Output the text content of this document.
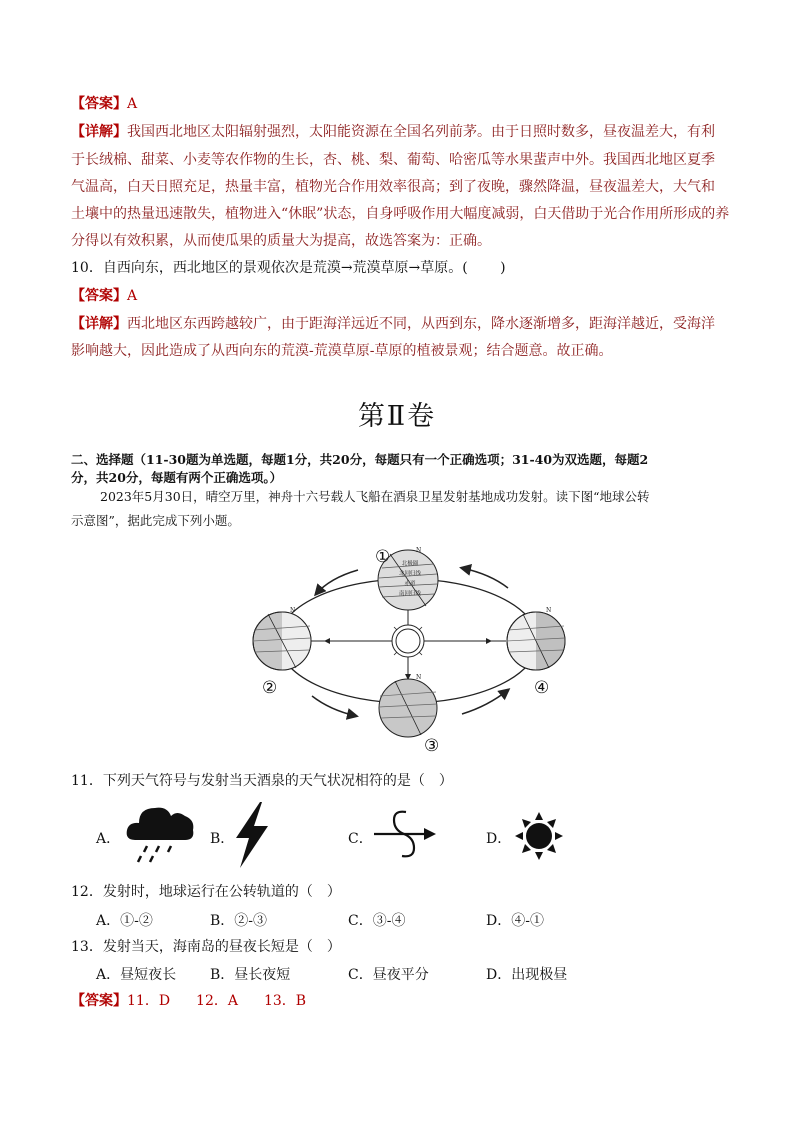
【答案】A
【详解】我国西北地区太阳辐射强烈，太阳能资源在全国名列前茅。由于日照时数多，昼夜温差大，有利
于长绒棉、甜菜、小麦等农作物的生长，杏、桃、梨、葡萄、哈密瓜等水果蜚声中外。我国西北地区夏季
气温高，白天日照充足，热量丰富，植物光合作用效率很高；到了夜晚，骤然降温，昼夜温差大，大气和
土壤中的热量迅速散失，植物进入“休眠”状态，自身呼吸作用大幅度减弱，白天借助于光合作用所形成的养
分得以有效积累，从而使瓜果的质量大为提高，故选答案为：正确。
10．自西向东，西北地区的景观依次是荒漠→荒漠草原→草原。(　　 )
【答案】A
【详解】西北地区东西跨越较广，由于距海洋远近不同，从西到东，降水逐渐增多，距海洋越近，受海洋
影响越大，因此造成了从西向东的荒漠-荒漠草原-草原的植被景观；结合题意。故正确。
第Ⅱ卷
二、选择题（11-30题为单选题，每题1分，共20分，每题只有一个正确选项；31-40为双选题，每题2
分，共20分，每题有两个正确选项。）
2023年5月30日，晴空万里，神舟十六号载人飞船在酒泉卫星发射基地成功发射。读下图“地球公转
示意图”，据此完成下列小题。
北极圈
北回归线
赤道
南回归线
N
N
N
N
①
②
③
④
11．下列天气符号与发射当天酒泉的天气状况相符的是（　）
A．	B．	C．	D．
12．发射时，地球运行在公转轨道的（　）
A．①-②	B．②-③	C．③-④	D．④-①
13．发射当天，海南岛的昼夜长短是（　）
A．昼短夜长 B．昼长夜短	C．昼夜平分	D．出现极昼
【答案】11．D 12．A 13．B
